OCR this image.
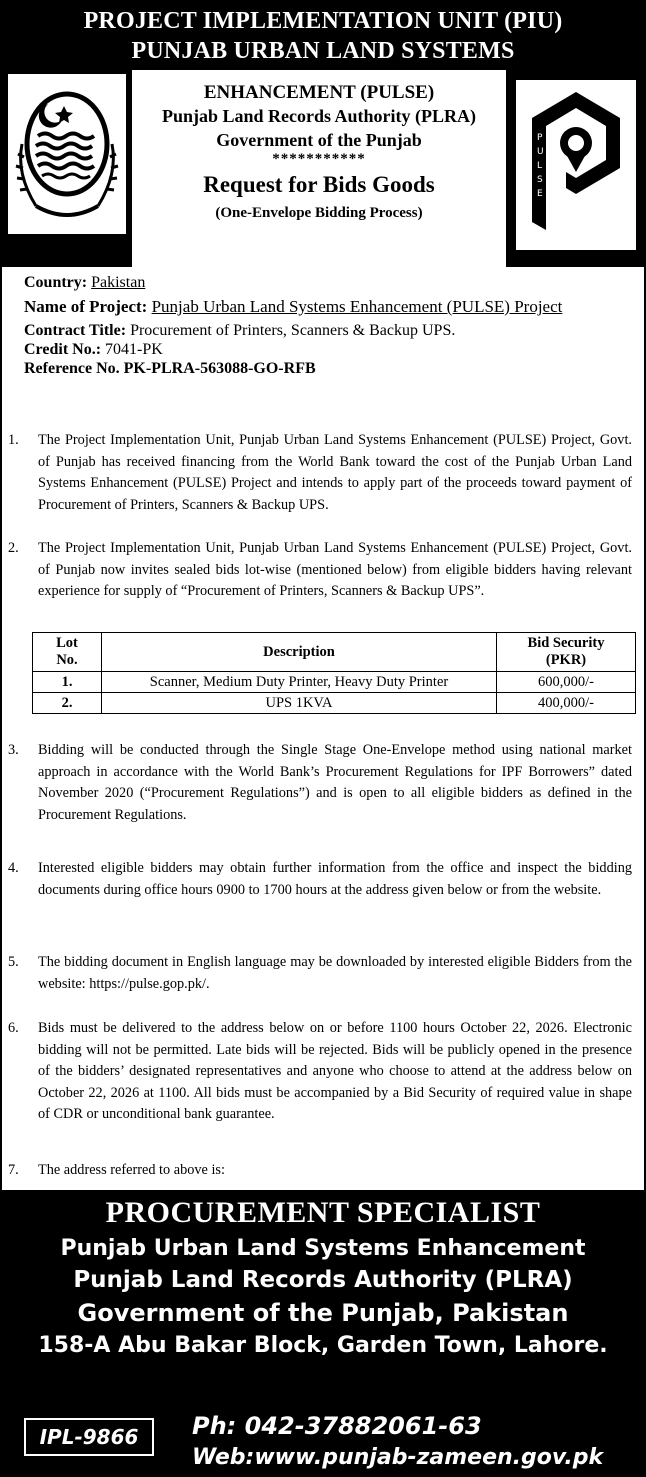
PROJECT IMPLEMENTATION UNIT (PIU)
PUNJAB URBAN LAND SYSTEMS
ENHANCEMENT (PULSE)
Punjab Land Records Authority (PLRA)
Government of the Punjab
***********
Request for Bids Goods
(One-Envelope Bidding Process)
P U L S E
Country: Pakistan
Name of Project: Punjab Urban Land Systems Enhancement (PULSE) Project
Contract Title: Procurement of Printers, Scanners & Backup UPS.
Credit No.: 7041-PK
Reference No. PK-PLRA-563088-GO-RFB
1. The Project Implementation Unit, Punjab Urban Land Systems Enhancement (PULSE) Project, Govt. of Punjab has received financing from the World Bank toward the cost of the Punjab Urban Land Systems Enhancement (PULSE) Project and intends to apply part of the proceeds toward payment of Procurement of Printers, Scanners & Backup UPS.
2. The Project Implementation Unit, Punjab Urban Land Systems Enhancement (PULSE) Project, Govt. of Punjab now invites sealed bids lot-wise (mentioned below) from eligible bidders having relevant experience for supply of “Procurement of Printers, Scanners & Backup UPS”.
Lot
No.	Description	Bid Security
(PKR)
1.	Scanner, Medium Duty Printer, Heavy Duty Printer	600,000/-
2.	UPS 1KVA	400,000/-
3. Bidding will be conducted through the Single Stage One-Envelope method using national market approach in accordance with the World Bank’s Procurement Regulations for IPF Borrowers” dated November 2020 (“Procurement Regulations”) and is open to all eligible bidders as defined in the Procurement Regulations.
4. Interested eligible bidders may obtain further information from the office and inspect the bidding documents during office hours 0900 to 1700 hours at the address given below or from the website.
5. The bidding document in English language may be downloaded by interested eligible Bidders from the website: https://pulse.gop.pk/.
6. Bids must be delivered to the address below on or before 1100 hours October 22, 2026. Electronic bidding will not be permitted. Late bids will be rejected. Bids will be publicly opened in the presence of the bidders’ designated representatives and anyone who choose to attend at the address below on October 22, 2026 at 1100. All bids must be accompanied by a Bid Security of required value in shape of CDR or unconditional bank guarantee.
7. The address referred to above is:
PROCUREMENT SPECIALIST
Punjab Urban Land Systems Enhancement
Punjab Land Records Authority (PLRA)
Government of the Punjab, Pakistan
158-A Abu Bakar Block, Garden Town, Lahore.
IPL-9866	Ph: 042-37882061-63
Web:www.punjab-zameen.gov.pk
